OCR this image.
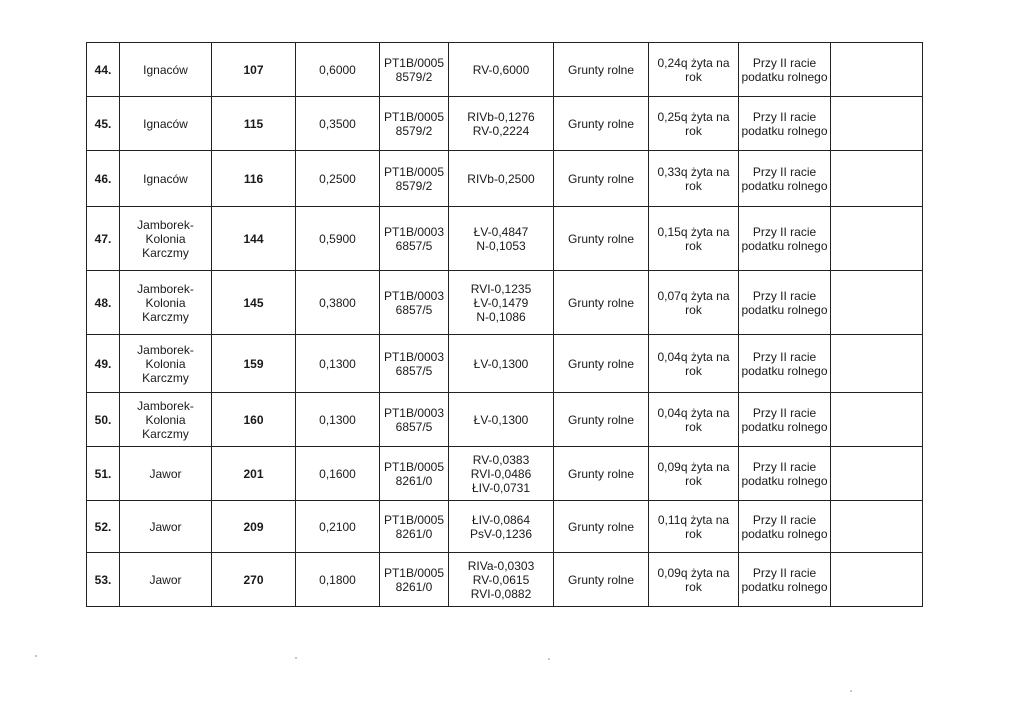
44.	Ignaców	107	0,6000	PT1B/0005
8579/2	RV-0,6000	Grunty rolne	0,24q żyta na
rok	Przy II racie
podatku rolnego	

45.	Ignaców	115	0,3500	PT1B/0005
8579/2	RIVb-0,1276
RV-0,2224	Grunty rolne	0,25q żyta na
rok	Przy II racie
podatku rolnego	

46.	Ignaców	116	0,2500	PT1B/0005
8579/2	RIVb-0,2500	Grunty rolne	0,33q żyta na
rok	Przy II racie
podatku rolnego	

47.	Jamborek-
Kolonia
Karczmy	144	0,5900	PT1B/0003
6857/5	ŁV-0,4847
N-0,1053	Grunty rolne	0,15q żyta na
rok	Przy II racie
podatku rolnego	

48.	Jamborek-
Kolonia
Karczmy	145	0,3800	PT1B/0003
6857/5	RVI-0,1235
ŁV-0,1479
N-0,1086	Grunty rolne	0,07q żyta na
rok	Przy II racie
podatku rolnego	

49.	Jamborek-
Kolonia
Karczmy	159	0,1300	PT1B/0003
6857/5	ŁV-0,1300	Grunty rolne	0,04q żyta na
rok	Przy II racie
podatku rolnego	

50.	Jamborek-
Kolonia
Karczmy	160	0,1300	PT1B/0003
6857/5	ŁV-0,1300	Grunty rolne	0,04q żyta na
rok	Przy II racie
podatku rolnego	

51.	Jawor	201	0,1600	PT1B/0005
8261/0	RV-0,0383
RVI-0,0486
ŁIV-0,0731	Grunty rolne	0,09q żyta na
rok	Przy II racie
podatku rolnego	

52.	Jawor	209	0,2100	PT1B/0005
8261/0	ŁIV-0,0864
PsV-0,1236	Grunty rolne	0,11q żyta na
rok	Przy II racie
podatku rolnego	

53.	Jawor	270	0,1800	PT1B/0005
8261/0	RIVa-0,0303
RV-0,0615
RVI-0,0882	Grunty rolne	0,09q żyta na
rok	Przy II racie
podatku rolnego	
